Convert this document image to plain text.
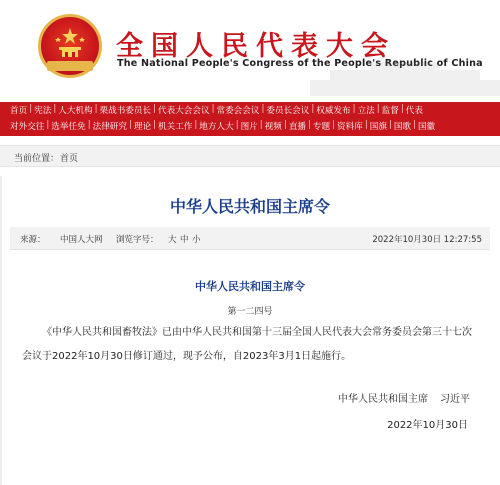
全国人民代表大会
The National People's Congress of the People's Republic of China
首页 | 宪法 | 人大机构 | 栗战书委员长 | 代表大会会议 | 常委会会议 | 委员长会议 | 权威发布 | 立法 | 监督 | 代表
对外交往 | 选举任免 | 法律研究 | 理论 | 机关工作 | 地方人大 | 图片 | 视频 | 直播 | 专题 | 资料库 | 国旗 | 国歌 | 国徽
当前位置： 首页
中华人民共和国主席令
来源： 中国人大网 浏览字号： 大 中 小	2022年10月30日 12:27:55
中华人民共和国主席令
第一二四号
《中华人民共和国畜牧法》已由中华人民共和国第十三届全国人民代表大会常务委员会第三十七次会议于2022年10月30日修订通过，现予公布，自2023年3月1日起施行。
中华人民共和国主席 习近平
2022年10月30日
